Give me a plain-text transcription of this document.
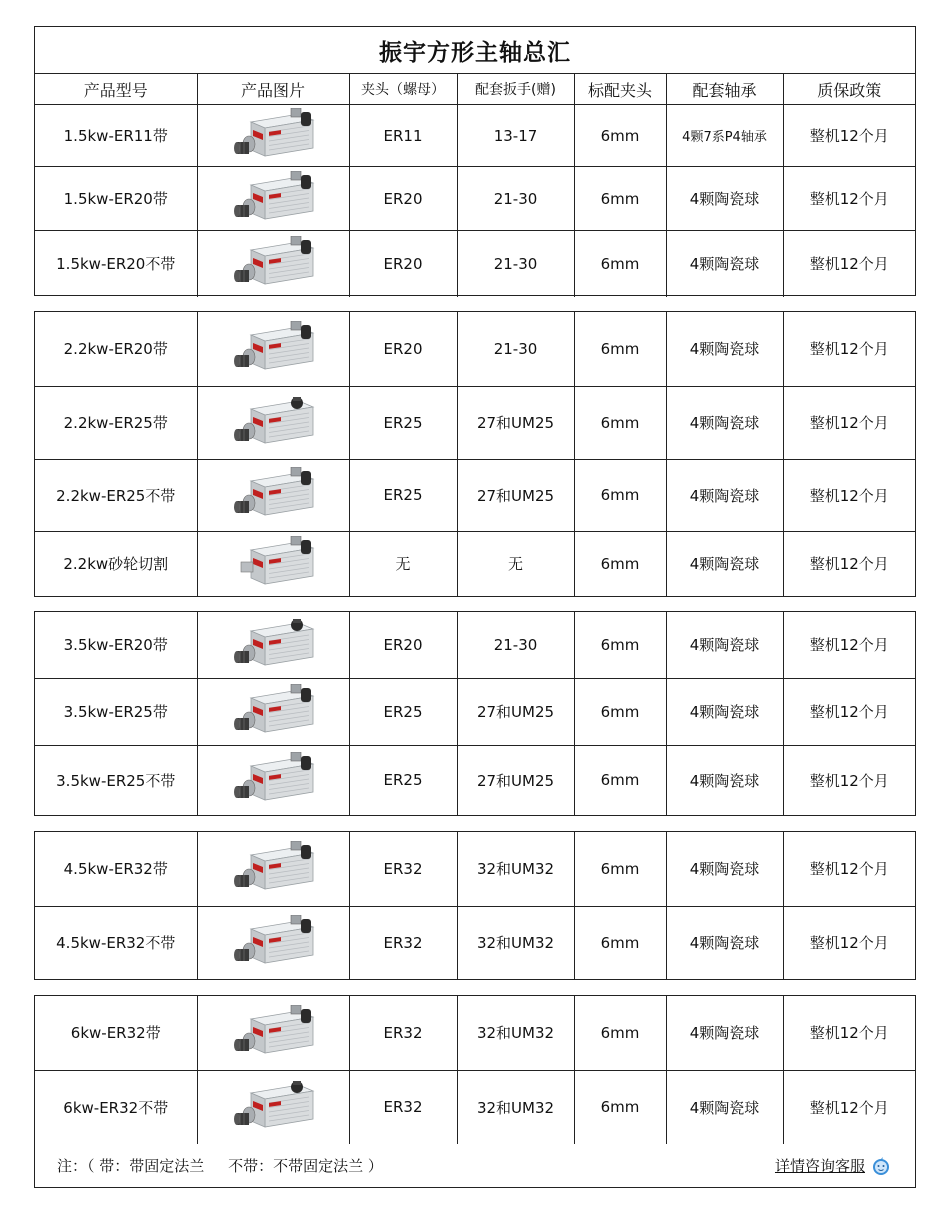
振宇方形主轴总汇						
产品型号	产品图片	夹头（螺母）	配套扳手(赠)	标配夹头	配套轴承	质保政策
1.5kw-ER11带		ER11	13-17	6mm	4颗7系P4轴承	整机12个月
1.5kw-ER20带		ER20	21-30	6mm	4颗陶瓷球	整机12个月
1.5kw-ER20不带		ER20	21-30	6mm	4颗陶瓷球	整机12个月
2.2kw-ER20带		ER20	21-30	6mm	4颗陶瓷球	整机12个月
2.2kw-ER25带		ER25	27和UM25	6mm	4颗陶瓷球	整机12个月
2.2kw-ER25不带		ER25	27和UM25	6mm	4颗陶瓷球	整机12个月
2.2kw砂轮切割		无	无	6mm	4颗陶瓷球	整机12个月
3.5kw-ER20带		ER20	21-30	6mm	4颗陶瓷球	整机12个月
3.5kw-ER25带		ER25	27和UM25	6mm	4颗陶瓷球	整机12个月
3.5kw-ER25不带		ER25	27和UM25	6mm	4颗陶瓷球	整机12个月
4.5kw-ER32带		ER32	32和UM32	6mm	4颗陶瓷球	整机12个月
4.5kw-ER32不带		ER32	32和UM32	6mm	4颗陶瓷球	整机12个月
6kw-ER32带		ER32	32和UM32	6mm	4颗陶瓷球	整机12个月
6kw-ER32不带		ER32	32和UM32	6mm	4颗陶瓷球	整机12个月

注：（ 带：带固定法兰     不带：不带固定法兰 ） 详情咨询客服						
